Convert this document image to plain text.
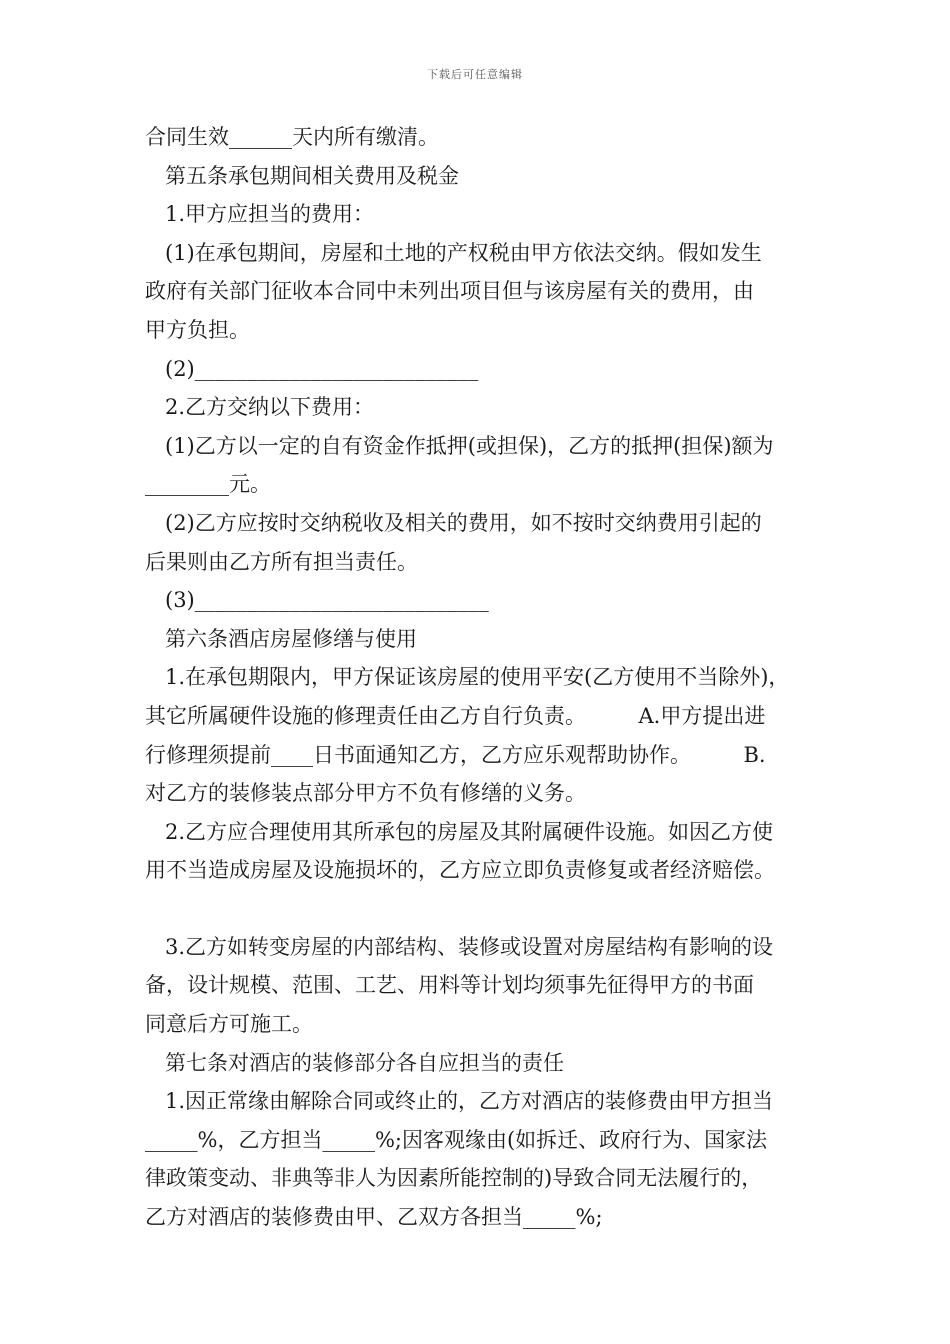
下载后可任意编辑

合同生效______天内所有缴清。

第五条承包期间相关费用及税金

1.甲方应担当的费用：

(1)在承包期间，房屋和土地的产权税由甲方依法交纳。假如发生

政府有关部门征收本合同中未列出项目但与该房屋有关的费用，由

甲方负担。

(2)___________________________

2.乙方交纳以下费用：

(1)乙方以一定的自有资金作抵押(或担保)，乙方的抵押(担保)额为

________元。

(2)乙方应按时交纳税收及相关的费用，如不按时交纳费用引起的

后果则由乙方所有担当责任。

(3)____________________________

第六条酒店房屋修缮与使用

1.在承包期限内，甲方保证该房屋的使用平安(乙方使用不当除外)，

其它所属硬件设施的修理责任由乙方自行负责。　　　A.甲方提出进

行修理须提前____日书面通知乙方，乙方应乐观帮助协作。　　　B.

对乙方的装修装点部分甲方不负有修缮的义务。

2.乙方应合理使用其所承包的房屋及其附属硬件设施。如因乙方使

用不当造成房屋及设施损坏的，乙方应立即负责修复或者经济赔偿。

3.乙方如转变房屋的内部结构、装修或设置对房屋结构有影响的设

备，设计规模、范围、工艺、用料等计划均须事先征得甲方的书面

同意后方可施工。

第七条对酒店的装修部分各自应担当的责任

1.因正常缘由解除合同或终止的，乙方对酒店的装修费由甲方担当

_____%，乙方担当_____%;因客观缘由(如拆迁、政府行为、国家法

律政策变动、非典等非人为因素所能控制的)导致合同无法履行的，

乙方对酒店的装修费由甲、乙双方各担当_____%;
